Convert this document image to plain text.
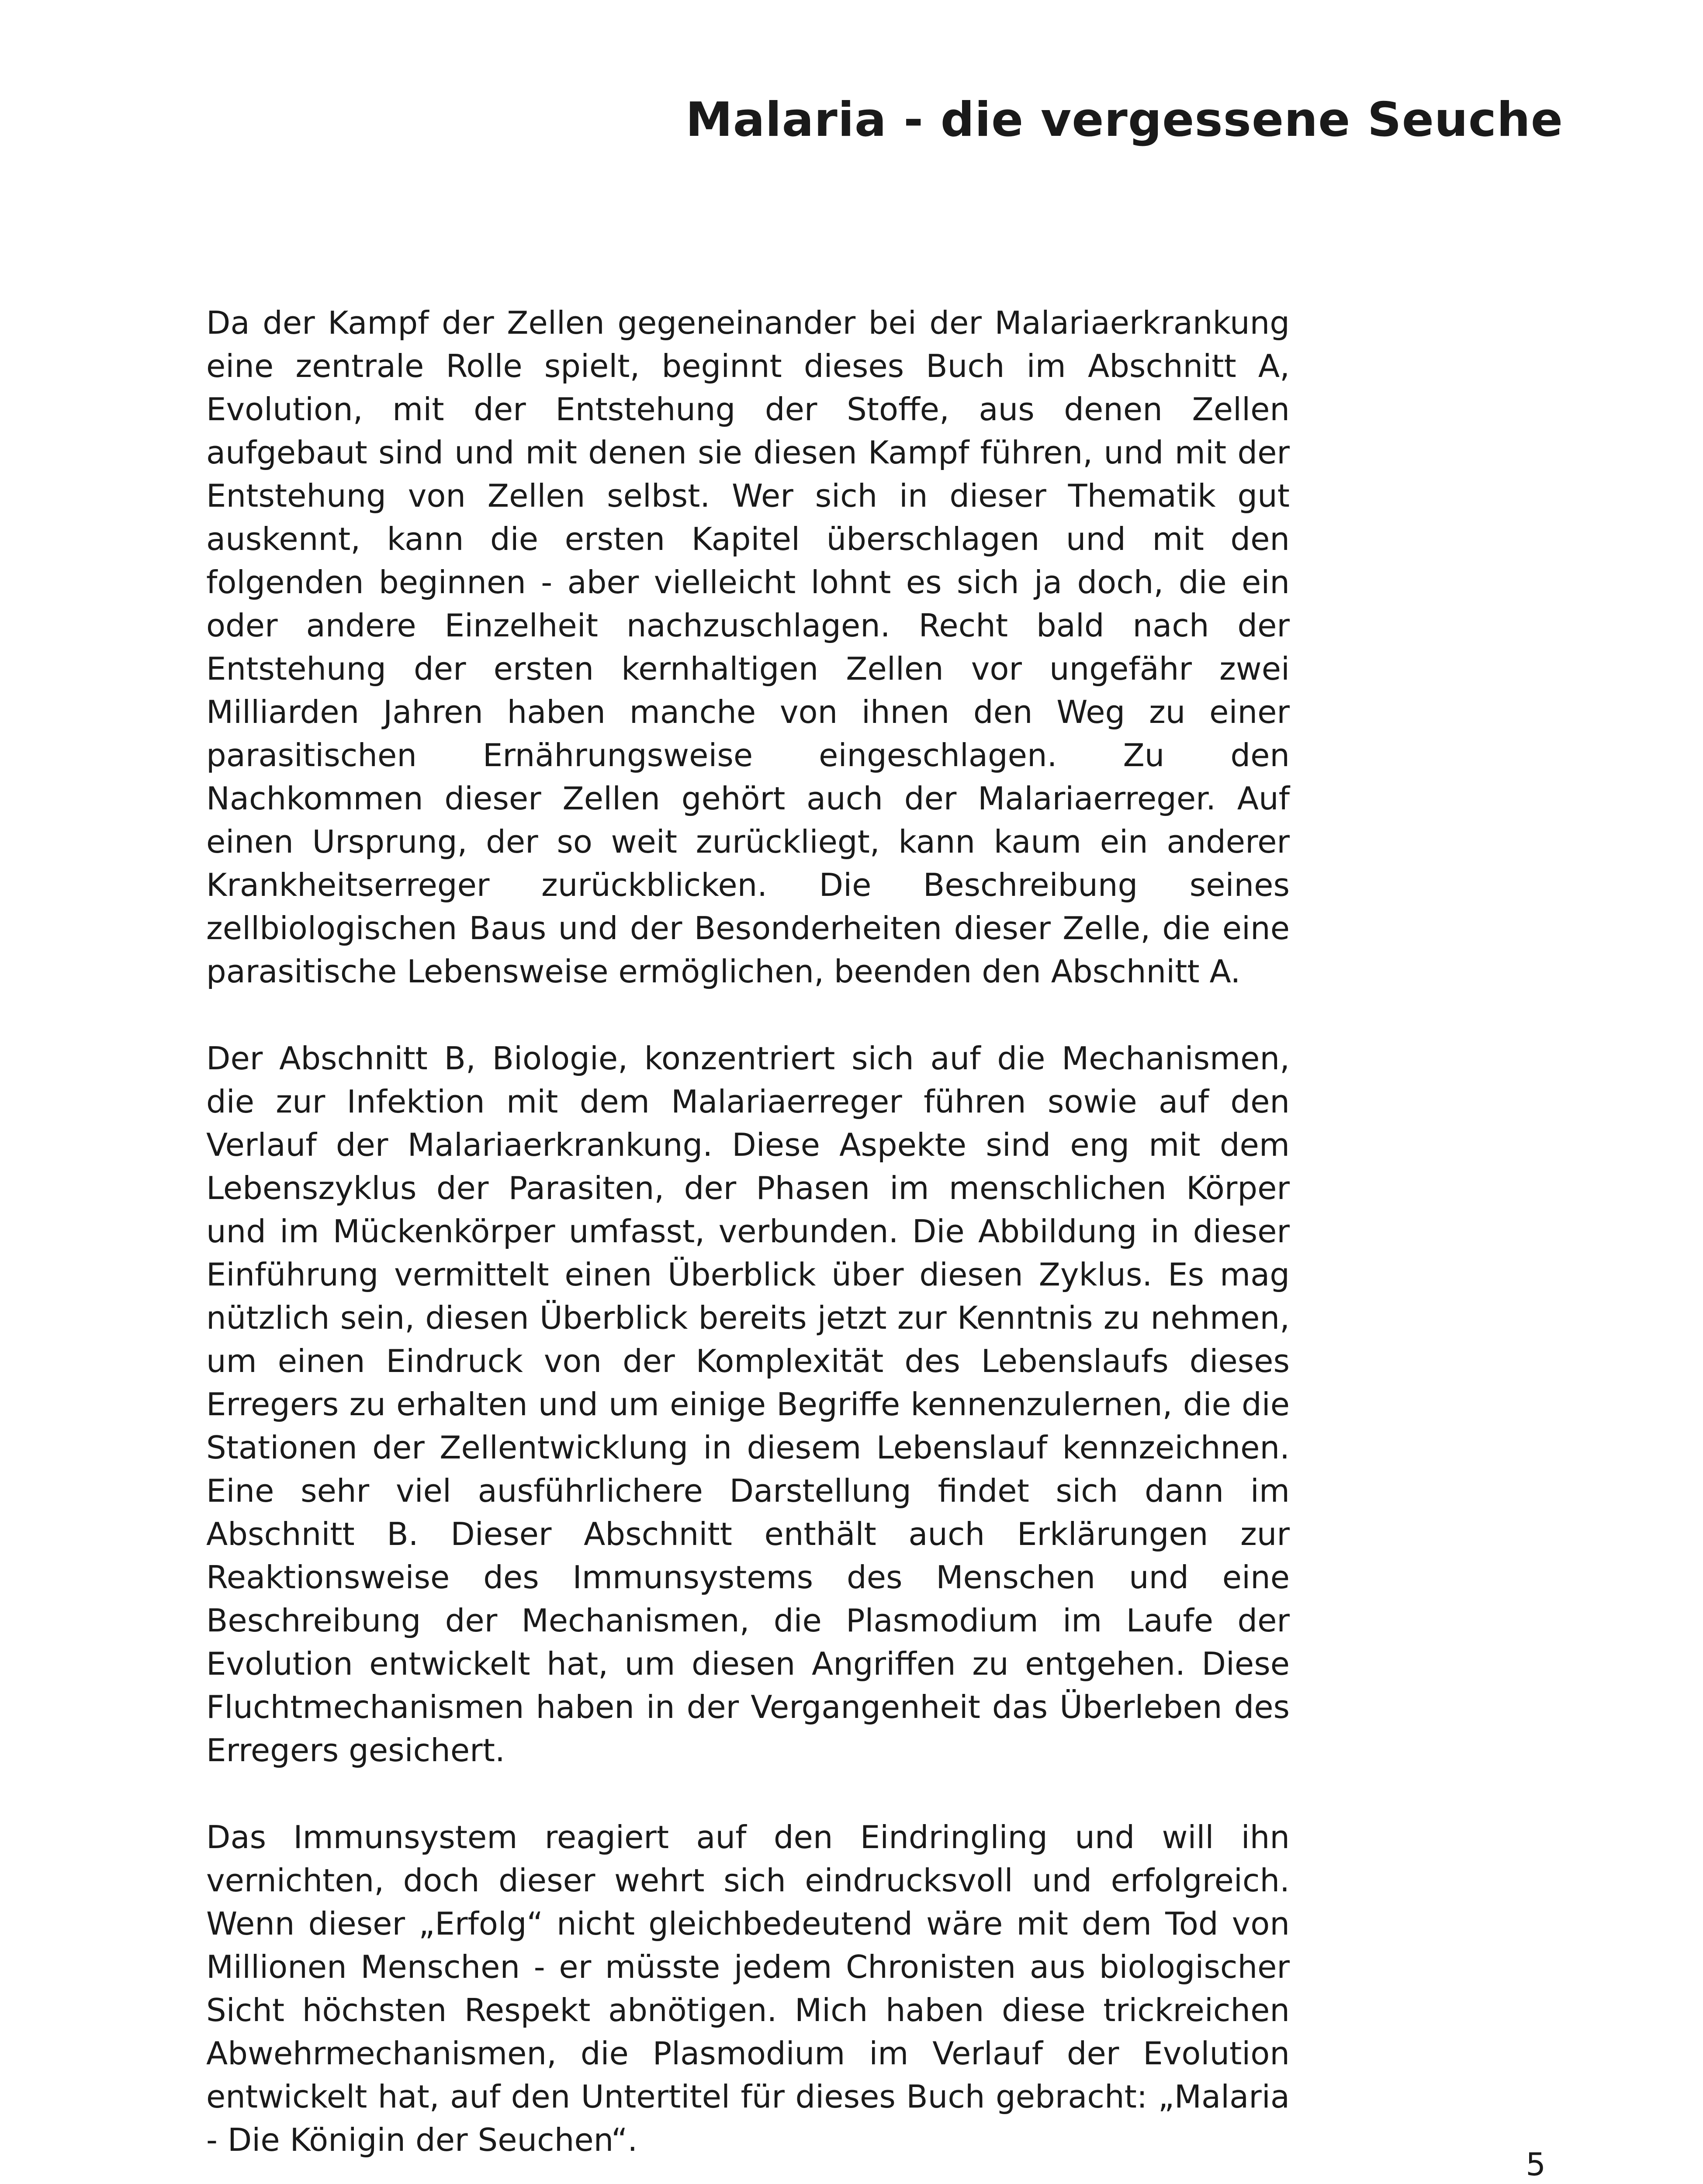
Malaria - die vergessene Seuche

Da der Kampf der Zellen gegeneinander bei der Malariaerkrankung eine zentrale Rolle spielt, beginnt dieses Buch im Abschnitt A, Evolution, mit der Entstehung der Stoffe, aus denen Zellen aufgebaut sind und mit denen sie diesen Kampf führen, und mit der Entstehung von Zellen selbst. Wer sich in dieser Thematik gut auskennt, kann die ersten Kapitel überschlagen und mit den folgenden beginnen - aber vielleicht lohnt es sich ja doch, die ein oder andere Einzelheit nachzuschlagen. Recht bald nach der Entstehung der ersten kernhaltigen Zellen vor ungefähr zwei Milliarden Jahren haben manche von ihnen den Weg zu einer parasitischen Ernährungsweise eingeschlagen. Zu den Nachkommen dieser Zellen gehört auch der Malariaerreger. Auf einen Ursprung, der so weit zurückliegt, kann kaum ein anderer Krankheitserreger zurückblicken. Die Beschreibung seines zellbiologischen Baus und der Besonderheiten dieser Zelle, die eine parasitische Lebensweise ermöglichen, beenden den Abschnitt A.

Der Abschnitt B, Biologie, konzentriert sich auf die Mechanismen, die zur Infektion mit dem Malariaerreger führen sowie auf den Verlauf der Malariaerkrankung. Diese Aspekte sind eng mit dem Lebenszyklus der Parasiten, der Phasen im menschlichen Körper und im Mückenkörper umfasst, verbunden. Die Abbildung in dieser Einführung vermittelt einen Überblick über diesen Zyklus. Es mag nützlich sein, diesen Überblick bereits jetzt zur Kenntnis zu nehmen, um einen Eindruck von der Komplexität des Lebenslaufs dieses Erregers zu erhalten und um einige Begriffe kennenzulernen, die die Stationen der Zellentwicklung in diesem Lebenslauf kennzeichnen. Eine sehr viel ausführlichere Darstellung findet sich dann im Abschnitt B. Dieser Abschnitt enthält auch Erklärungen zur Reaktionsweise des Immunsystems des Menschen und eine Beschreibung der Mechanismen, die Plasmodium im Laufe der Evolution entwickelt hat, um diesen Angriffen zu entgehen. Diese Fluchtmechanismen haben in der Vergangenheit das Überleben des Erregers gesichert.

Das Immunsystem reagiert auf den Eindringling und will ihn vernichten, doch dieser wehrt sich eindrucksvoll und erfolgreich. Wenn dieser „Erfolg“ nicht gleichbedeutend wäre mit dem Tod von Millionen Menschen - er müsste jedem Chronisten aus biologischer Sicht höchsten Respekt abnötigen. Mich haben diese trickreichen Abwehrmechanismen, die Plasmodium im Verlauf der Evolution entwickelt hat, auf den Untertitel für dieses Buch gebracht: „Malaria - Die Königin der Seuchen“.

5
